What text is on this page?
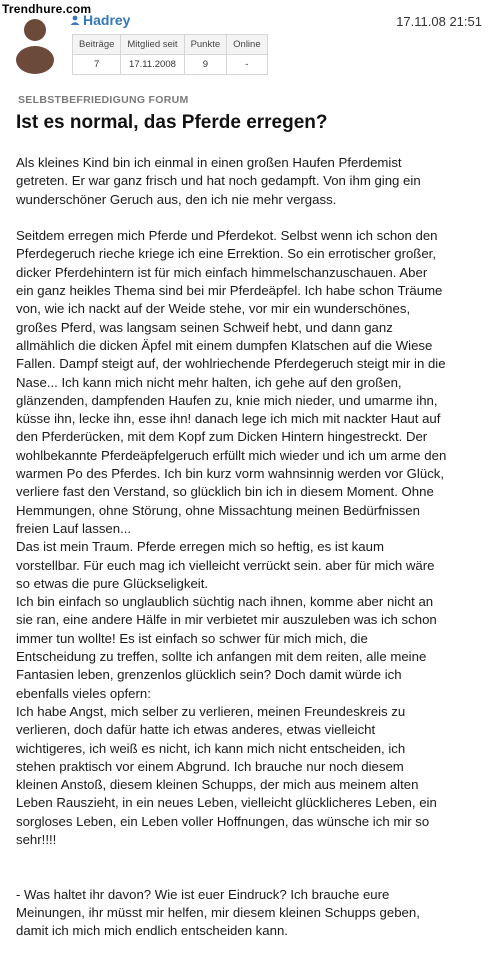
Trendhure.com
Hadrey	17.11.08 21:51
Beiträge	Mitglied seit	Punkte	Online
7	17.11.2008	9	-
SELBSTBEFRIEDIGUNG FORUM
Ist es normal, das Pferde erregen?
Als kleines Kind bin ich einmal in einen großen Haufen Pferdemist
getreten. Er war ganz frisch und hat noch gedampft. Von ihm ging ein
wunderschöner Geruch aus, den ich nie mehr vergass.

Seitdem erregen mich Pferde und Pferdekot. Selbst wenn ich schon den
Pferdegeruch rieche kriege ich eine Errektion. So ein errotischer großer,
dicker Pferdehintern ist für mich einfach himmelschanzuschauen. Aber
ein ganz heikles Thema sind bei mir Pferdeäpfel. Ich habe schon Träume
von, wie ich nackt auf der Weide stehe, vor mir ein wunderschönes,
großes Pferd, was langsam seinen Schweif hebt, und dann ganz
allmählich die dicken Äpfel mit einem dumpfen Klatschen auf die Wiese
Fallen. Dampf steigt auf, der wohlriechende Pferdegeruch steigt mir in die
Nase... Ich kann mich nicht mehr halten, ich gehe auf den großen,
glänzenden, dampfenden Haufen zu, knie mich nieder, und umarme ihn,
küsse ihn, lecke ihn, esse ihn! danach lege ich mich mit nackter Haut auf
den Pferderücken, mit dem Kopf zum Dicken Hintern hingestreckt. Der
wohlbekannte Pferdeäpfelgeruch erfüllt mich wieder und ich um arme den
warmen Po des Pferdes. Ich bin kurz vorm wahnsinnig werden vor Glück,
verliere fast den Verstand, so glücklich bin ich in diesem Moment. Ohne
Hemmungen, ohne Störung, ohne Missachtung meinen Bedürfnissen
freien Lauf lassen...
Das ist mein Traum. Pferde erregen mich so heftig, es ist kaum
vorstellbar. Für euch mag ich vielleicht verrückt sein. aber für mich wäre
so etwas die pure Glückseligkeit.
Ich bin einfach so unglaublich süchtig nach ihnen, komme aber nicht an
sie ran, eine andere Hälfe in mir verbietet mir auszuleben was ich schon
immer tun wollte! Es ist einfach so schwer für mich mich, die
Entscheidung zu treffen, sollte ich anfangen mit dem reiten, alle meine
Fantasien leben, grenzenlos glücklich sein? Doch damit würde ich
ebenfalls vieles opfern:
Ich habe Angst, mich selber zu verlieren, meinen Freundeskreis zu
verlieren, doch dafür hatte ich etwas anderes, etwas vielleicht
wichtigeres, ich weiß es nicht, ich kann mich nicht entscheiden, ich
stehen praktisch vor einem Abgrund. Ich brauche nur noch diesem
kleinen Anstoß, diesem kleinen Schupps, der mich aus meinem alten
Leben Rauszieht, in ein neues Leben, vielleicht glücklicheres Leben, ein
sorgloses Leben, ein Leben voller Hoffnungen, das wünsche ich mir so
sehr!!!!

- Was haltet ihr davon? Wie ist euer Eindruck? Ich brauche eure
Meinungen, ihr müsst mir helfen, mir diesem kleinen Schupps geben,
damit ich mich mich endlich entscheiden kann.
